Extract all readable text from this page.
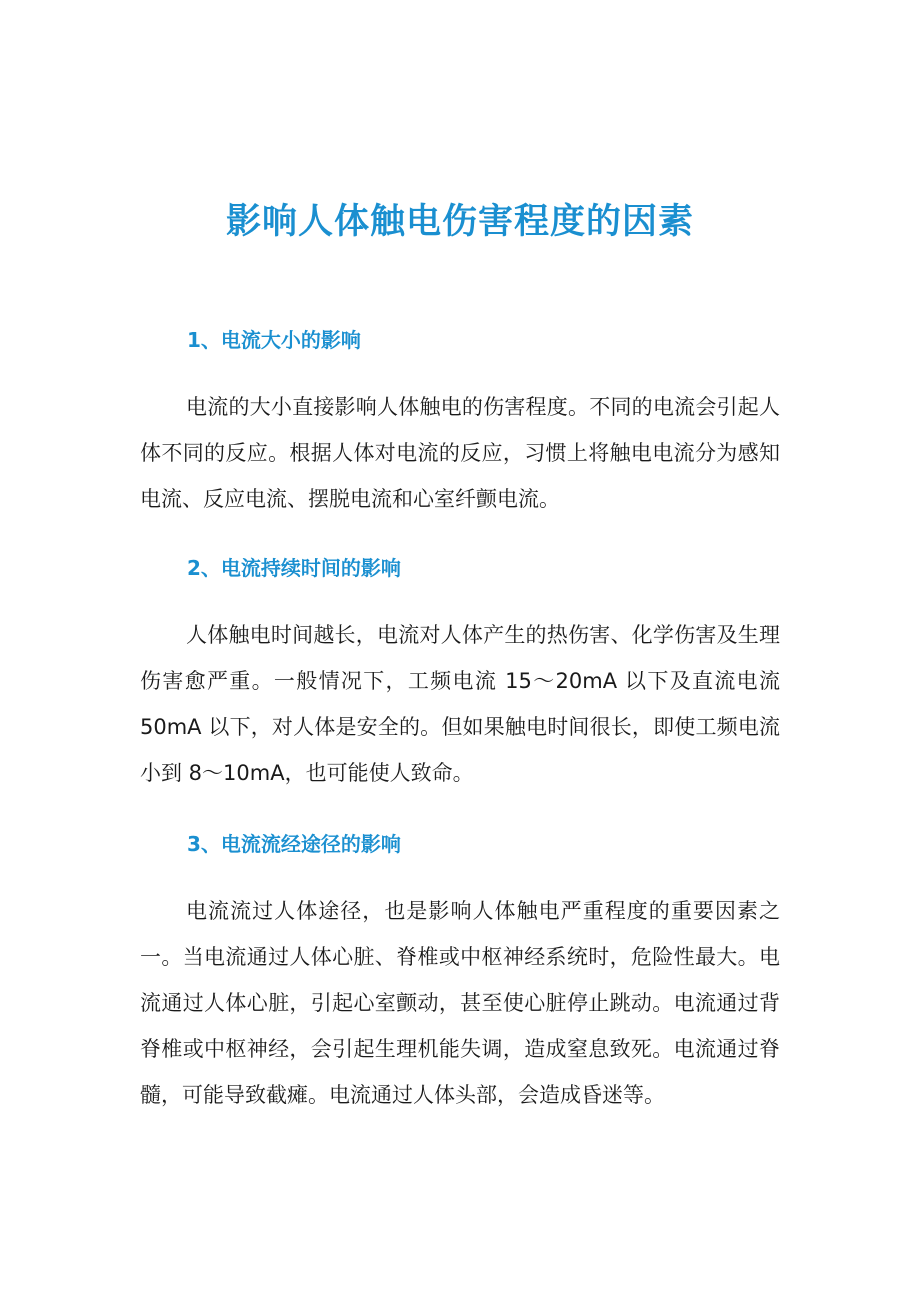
影响人体触电伤害程度的因素
1、电流大小的影响

电流的大小直接影响人体触电的伤害程度。不同的电流会引起人体不同的反应。根据人体对电流的反应，习惯上将触电电流分为感知电流、反应电流、摆脱电流和心室纤颤电流。

2、电流持续时间的影响

人体触电时间越长，电流对人体产生的热伤害、化学伤害及生理伤害愈严重。一般情况下，工频电流 15～20mA 以下及直流电流 50mA 以下，对人体是安全的。但如果触电时间很长，即使工频电流小到 8～10mA，也可能使人致命。

3、电流流经途径的影响

电流流过人体途径，也是影响人体触电严重程度的重要因素之一。当电流通过人体心脏、脊椎或中枢神经系统时，危险性最大。电流通过人体心脏，引起心室颤动，甚至使心脏停止跳动。电流通过背脊椎或中枢神经，会引起生理机能失调，造成窒息致死。电流通过脊髓，可能导致截瘫。电流通过人体头部，会造成昏迷等。
